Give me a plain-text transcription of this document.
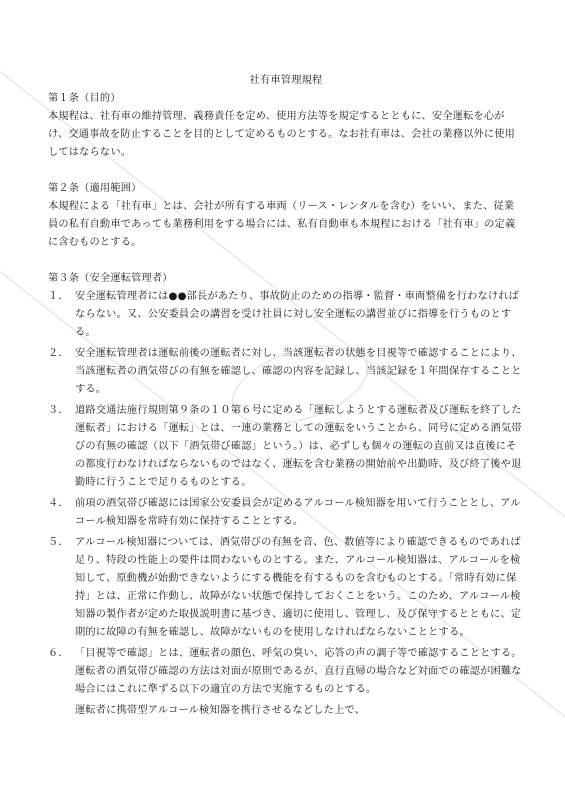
社有車管理規程
第１条（目的）

本規程は、社有車の維持管理、義務責任を定め、使用方法等を規定するとともに、安全運転を心がけ、交通事故を防止することを目的として定めるものとする。なお社有車は、会社の業務以外に使用してはならない。

第２条（適用範囲）

本規程による「社有車」とは、会社が所有する車両（リース・レンタルを含む）をいい、また、従業員の私有自動車であっても業務利用をする場合には、私有自動車も本規程における「社有車」の定義に含むものとする。

第３条（安全運転管理者）
１． 安全運転管理者には●●部長があたり、事故防止のための指導・監督・車両整備を行わなければならない。又、公安委員会の講習を受け社員に対し安全運転の講習並びに指導を行うものとする。
２． 安全運転管理者は運転前後の運転者に対し、当該運転者の状態を目視等で確認することにより、当該運転者の酒気帯びの有無を確認し、確認の内容を記録し、当該記録を１年間保存することとする。
３． 道路交通法施行規則第９条の１０第６号に定める「運転しようとする運転者及び運転を終了した運転者」における「運転」とは、一連の業務としての運転をいうことから、同号に定める酒気帯びの有無の確認（以下「酒気帯び確認」という。）は、必ずしも個々の運転の直前又は直後にその都度行わなければならないものではなく、運転を含む業務の開始前や出勤時、及び終了後や退勤時に行うことで足りるものとする。
４． 前項の酒気帯び確認には国家公安委員会が定めるアルコール検知器を用いて行うこととし、アルコール検知器を常時有効に保持することとする。
５． アルコール検知器については、酒気帯びの有無を音、色、数値等により確認できるものであれば足り、特段の性能上の要件は問わないものとする。また、アルコール検知器は、アルコールを検知して、原動機が始動できないようにする機能を有するものを含むものとする。「常時有効に保持」とは、正常に作動し、故障がない状態で保持しておくことをいう。このため、アルコール検知器の製作者が定めた取扱説明書に基づき、適切に使用し、管理し、及び保守するとともに、定期的に故障の有無を確認し、故障がないものを使用しなければならないこととする。
６． 「目視等で確認」とは、運転者の顔色、呼気の臭い、応答の声の調子等で確認することとする。運転者の酒気帯び確認の方法は対面が原則であるが、直行直帰の場合など対面での確認が困難な場合にはこれに準ずる以下の適宜の方法で実施するものとする。

運転者に携帯型アルコール検知器を携行させるなどした上で、
